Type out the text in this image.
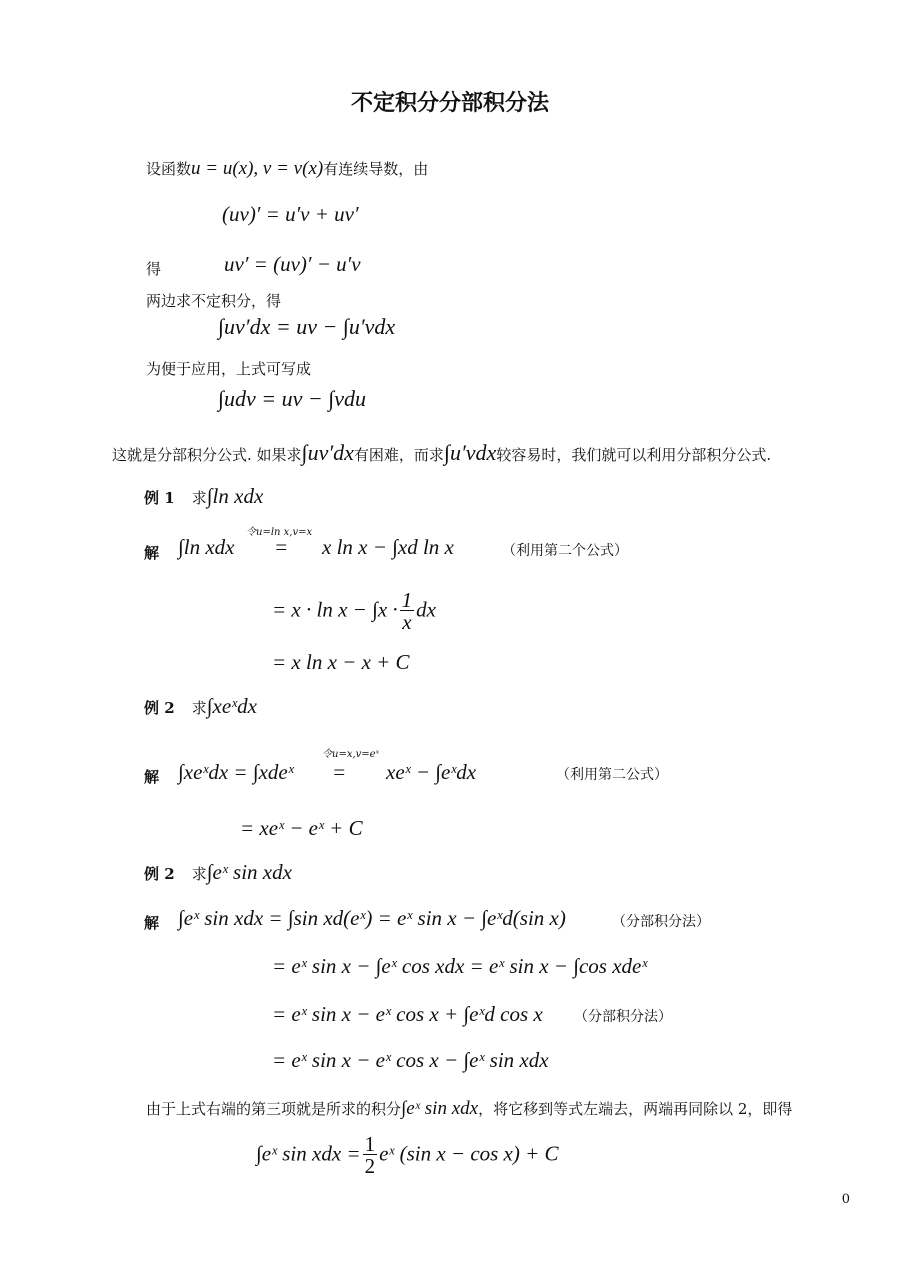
不定积分分部积分法
设函数u = u(x), v = v(x)有连续导数，由
(uv)′ = u′v + uv′
得	uv′ = (uv)′ − u′v
两边求不定积分，得
∫uv′dx = uv − ∫u′vdx
为便于应用，上式可写成
∫udv = uv − ∫vdu
这就是分部积分公式. 如果求∫uv′dx有困难，而求∫u′vdx较容易时，我们就可以利用分部积分公式.
例 1 求∫ln xdx
解 ∫ln xdx
令u=ln x,v=x
= x ln x − ∫xd ln x	（利用第二个公式）
= $x \cdot \ln x - \int x \cdot \frac{1}{x}$ dx
= x ln x − x + C
例 2 求∫xeˣdx
解 ∫xeˣdx = ∫xdeˣ
令u=x,v=eˣ
= xeˣ − ∫eˣdx	（利用第二公式）
= xeˣ − eˣ + C
例 2 求∫eˣ sin xdx
解 ∫eˣ sin xdx = ∫sin xd(eˣ) = eˣ sin x − ∫eˣd(sin x)	（分部积分法）
= eˣ sin x − ∫eˣ cos xdx = eˣ sin x − ∫cos xdeˣ
= eˣ sin x − eˣ cos x + ∫eˣd cos x （分部积分法）
= eˣ sin x − eˣ cos x − ∫eˣ sin xdx
由于上式右端的第三项就是所求的积分∫eˣ sin xdx，将它移到等式左端去，两端再同除以 2，即得
∫eˣ sin xdx = $\frac{1}{2}$ eˣ (sin x − cos x) + C
0
